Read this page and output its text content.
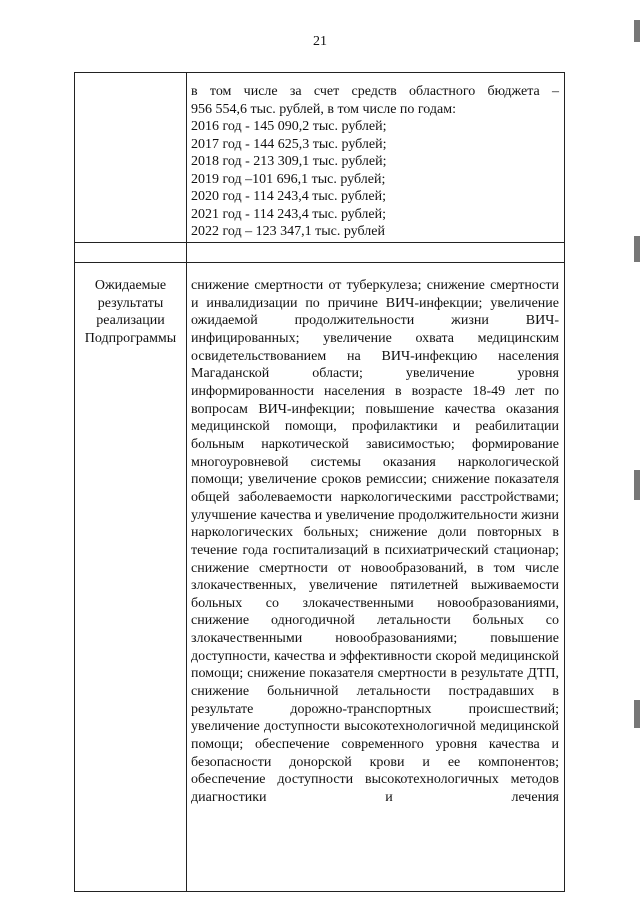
21
в том числе за счет средств областного бюджета –
956 554,6 тыс. рублей, в том числе по годам:
2016 год - 145 090,2 тыс. рублей;
2017 год - 144 625,3 тыс. рублей;
2018 год - 213 309,1 тыс. рублей;
2019 год –101 696,1 тыс. рублей;
2020 год - 114 243,4 тыс. рублей;
2021 год - 114 243,4 тыс. рублей;
2022 год – 123 347,1 тыс. рублей
Ожидаемые результаты реализации Подпрограммы
снижение смертности от туберкулеза; снижение смертности и инвалидизации по причине ВИЧ-инфекции; увеличение ожидаемой продолжительности жизни ВИЧ-инфицированных; увеличение охвата медицинским освидетельствованием на ВИЧ-инфекцию населения Магаданской области; увеличение уровня информированности населения в возрасте 18-49 лет по вопросам ВИЧ-инфекции; повышение качества оказания медицинской помощи, профилактики и реабилитации больным наркотической зависимостью; формирование многоуровневой системы оказания наркологической помощи; увеличение сроков ремиссии; снижение показателя общей заболеваемости наркологическими расстройствами; улучшение качества и увеличение продолжительности жизни наркологических больных; снижение доли повторных в течение года госпитализаций в психиатрический стационар; снижение смертности от новообразований, в том числе злокачественных, увеличение пятилетней выживаемости больных со злокачественными новообразованиями, снижение одногодичной летальности больных со злокачественными новообразованиями; повышение доступности, качества и эффективности скорой медицинской помощи; снижение показателя смертности в результате ДТП, снижение больничной летальности пострадавших в результате дорожно-транспортных происшествий; увеличение доступности высокотехнологичной медицинской помощи; обеспечение современного уровня качества и безопасности донорской крови и ее компонентов; обеспечение доступности высокотехнологичных методов диагностики и лечения
